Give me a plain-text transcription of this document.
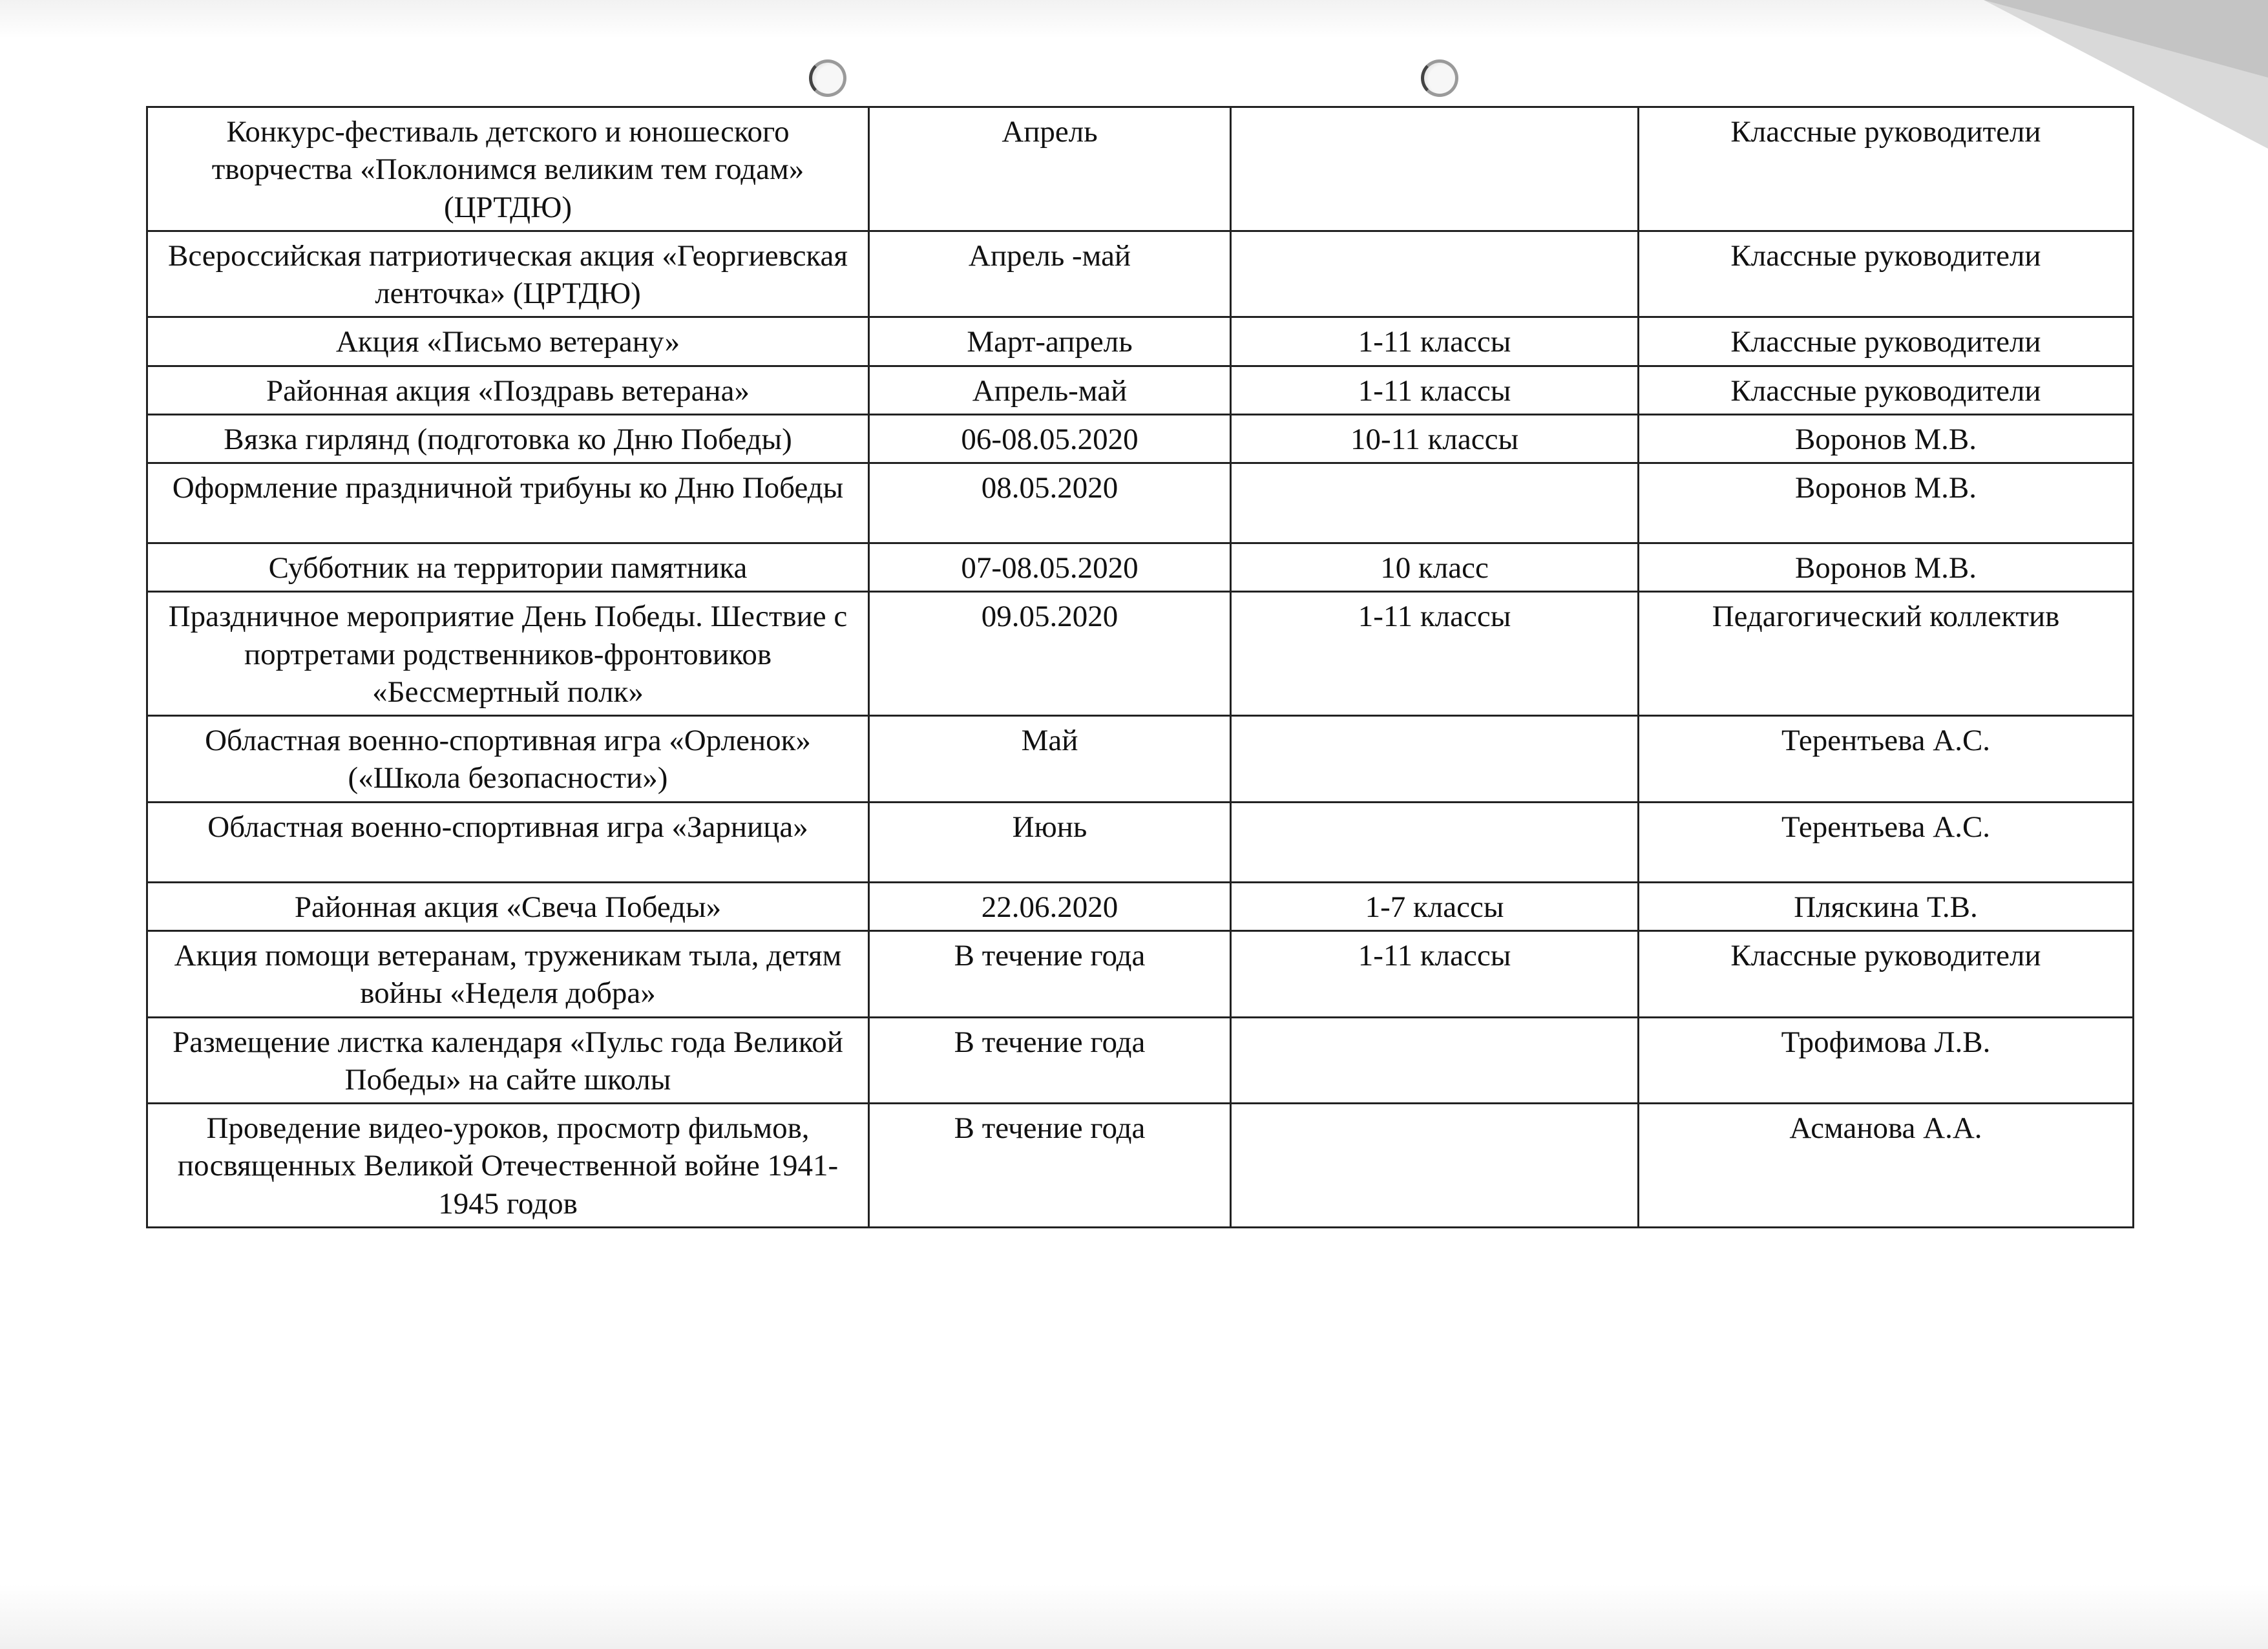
Конкурс-фестиваль детского и юношеского творчества «Поклонимся великим тем годам» (ЦРТДЮ)	Апрель		Классные руководители
Всероссийская патриотическая акция «Георгиевская ленточка» (ЦРТДЮ)	Апрель -май		Классные руководители
Акция «Письмо ветерану»	Март-апрель	1-11 классы	Классные руководители
Районная акция «Поздравь ветерана»	Апрель-май	1-11 классы	Классные руководители
Вязка гирлянд (подготовка ко Дню Победы)	06-08.05.2020	10-11 классы	Воронов М.В.
Оформление праздничной трибуны ко Дню Победы	08.05.2020		Воронов М.В.
Субботник на территории памятника	07-08.05.2020	10 класс	Воронов М.В.
Праздничное мероприятие День Победы. Шествие с портретами родственников-фронтовиков «Бессмертный полк»	09.05.2020	1-11 классы	Педагогический коллектив
Областная военно-спортивная игра «Орленок» («Школа безопасности»)	Май		Терентьева А.С.
Областная военно-спортивная игра «Зарница»	Июнь		Терентьева А.С.
Районная акция «Свеча Победы»	22.06.2020	1-7 классы	Пляскина Т.В.
Акция помощи ветеранам, труженикам тыла, детям войны «Неделя добра»	В течение года	1-11 классы	Классные руководители
Размещение листка календаря «Пульс года Великой Победы» на сайте школы	В течение года		Трофимова Л.В.
Проведение видео-уроков, просмотр фильмов, посвященных Великой Отечественной войне 1941-1945 годов	В течение года		Асманова А.А.
